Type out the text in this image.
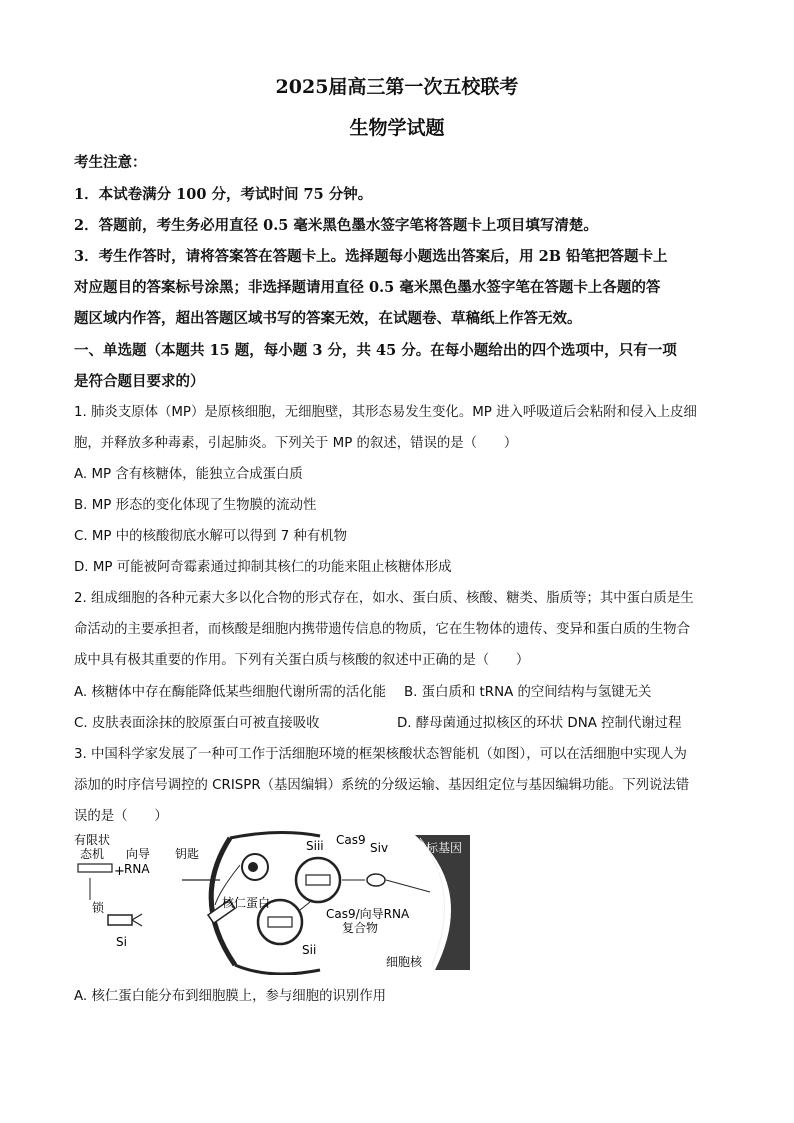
2025届高三第一次五校联考
生物学试题
考生注意：
1．本试卷满分 100 分，考试时间 75 分钟。
2．答题前，考生务必用直径 0.5 毫米黑色墨水签字笔将答题卡上项目填写清楚。
3．考生作答时，请将答案答在答题卡上。选择题每小题选出答案后，用 2B 铅笔把答题卡上
对应题目的答案标号涂黑；非选择题请用直径 0.5 毫米黑色墨水签字笔在答题卡上各题的答
题区域内作答，超出答题区域书写的答案无效，在试题卷、草稿纸上作答无效。
一、单选题（本题共 15 题，每小题 3 分，共 45 分。在每小题给出的四个选项中，只有一项
是符合题目要求的）
1. 肺炎支原体（MP）是原核细胞，无细胞壁，其形态易发生变化。MP 进入呼吸道后会粘附和侵入上皮细
胞，并释放多种毒素，引起肺炎。下列关于 MP 的叙述，错误的是（　　）
A. MP 含有核糖体，能独立合成蛋白质
B. MP 形态的变化体现了生物膜的流动性
C. MP 中的核酸彻底水解可以得到 7 种有机物
D. MP 可能被阿奇霉素通过抑制其核仁的功能来阻止核糖体形成
2. 组成细胞的各种元素大多以化合物的形式存在，如水、蛋白质、核酸、糖类、脂质等；其中蛋白质是生
命活动的主要承担者，而核酸是细胞内携带遗传信息的物质，它在生物体的遗传、变异和蛋白质的生物合
成中具有极其重要的作用。下列有关蛋白质与核酸的叙述中正确的是（　　）
A. 核糖体中存在酶能降低某些细胞代谢所需的活化能 B. 蛋白质和 tRNA 的空间结构与氢键无关
C. 皮肤表面涂抹的胶原蛋白可被直接吸收	D. 酵母菌通过拟核区的环状 DNA 控制代谢过程
3. 中国科学家发展了一种可工作于活细胞环境的框架核酸状态智能机（如图），可以在活细胞中实现人为
添加的时序信号调控的 CRISPR（基因编辑）系统的分级运输、基因组定位与基因编辑功能。下列说法错
误的是（　　）
有限状
态机 向导
RNA
+
锁
Si
钥匙
核仁蛋白
Siii Cas9
Siv 目标基因
Cas9/向导RNA
复合物
Sii
细胞核
A. 核仁蛋白能分布到细胞膜上，参与细胞的识别作用
